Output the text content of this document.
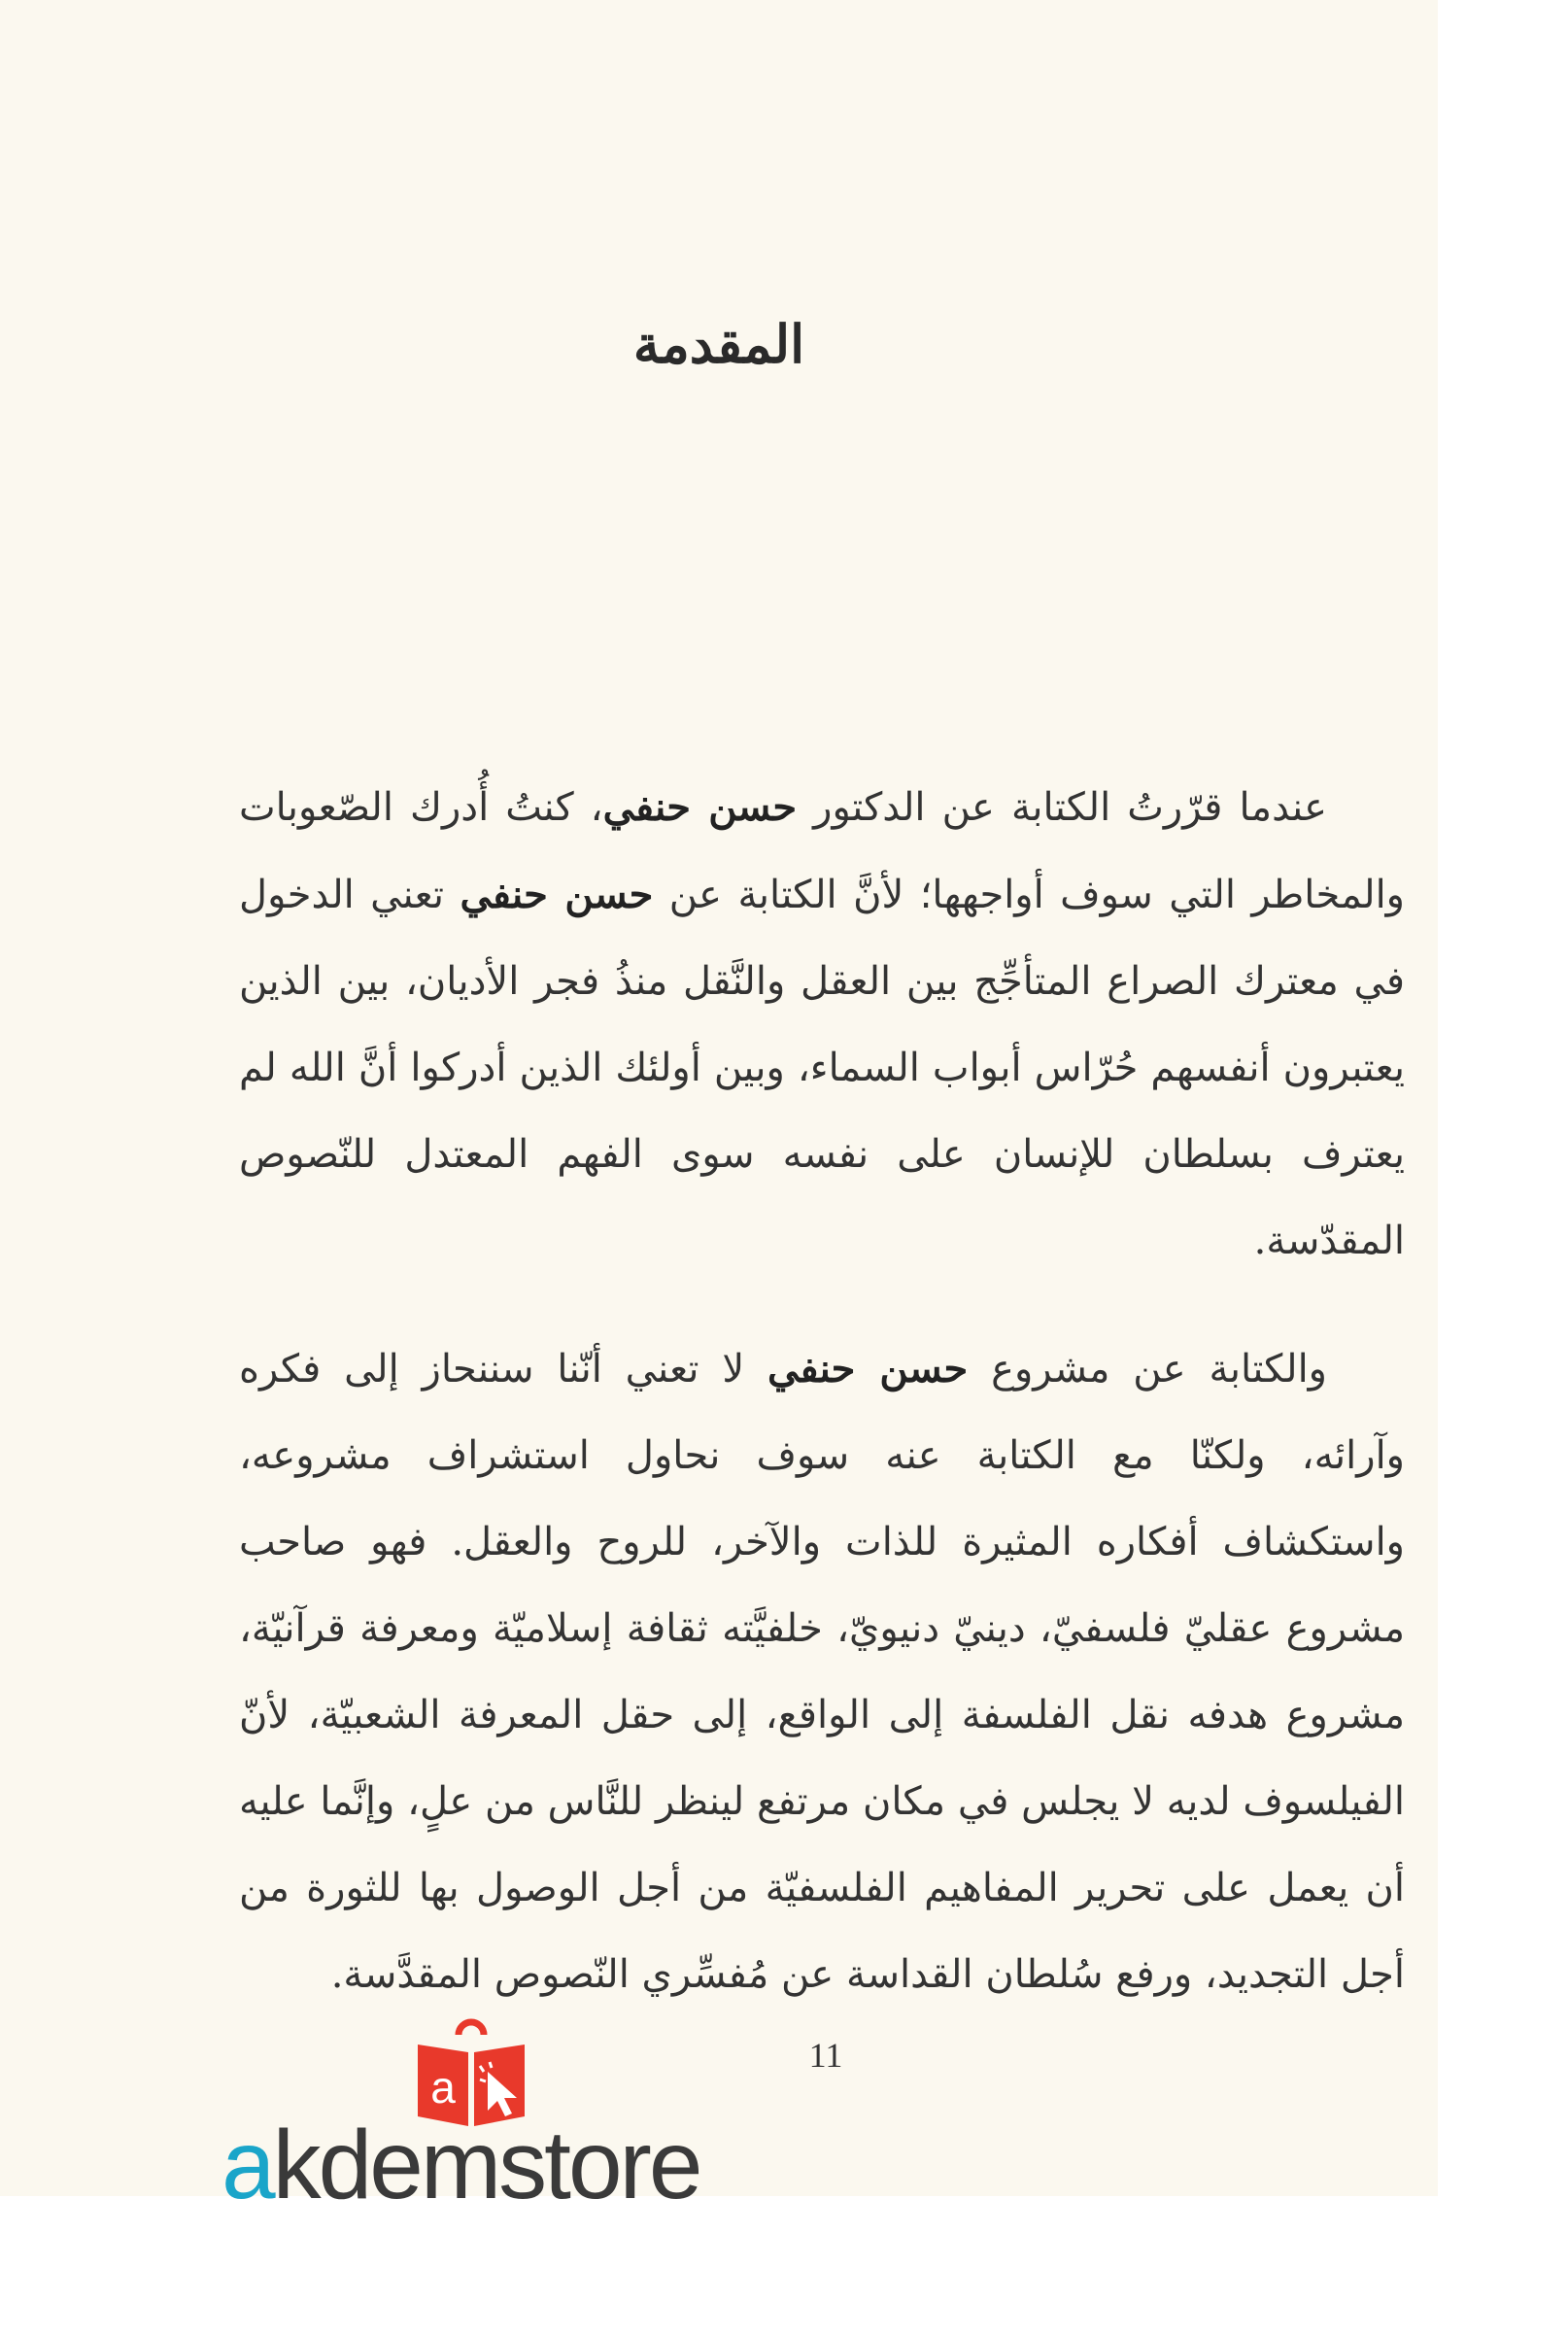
المقدمة

عندما قرّرتُ الكتابة عن الدكتور حسن حنفي، كنتُ أُدرك الصّعوبات والمخاطر التي سوف أواجهها؛ لأنَّ الكتابة عن حسن حنفي تعني الدخول في معترك الصراع المتأجِّج بين العقل والنَّقل منذُ فجر الأديان، بين الذين يعتبرون أنفسهم حُرّاس أبواب السماء، وبين أولئك الذين أدركوا أنَّ الله لم يعترف بسلطان للإنسان على نفسه سوى الفهم المعتدل للنّصوص المقدّسة.

والكتابة عن مشروع حسن حنفي لا تعني أنّنا سننحاز إلى فكره وآرائه، ولكنّا مع الكتابة عنه سوف نحاول استشراف مشروعه، واستكشاف أفكاره المثيرة للذات والآخر، للروح والعقل. فهو صاحب مشروع عقليّ فلسفيّ، دينيّ دنيويّ، خلفيَّته ثقافة إسلاميّة ومعرفة قرآنيّة، مشروع هدفه نقل الفلسفة إلى الواقع، إلى حقل المعرفة الشعبيّة، لأنّ الفيلسوف لديه لا يجلس في مكان مرتفع لينظر للنَّاس من علٍ، وإنَّما عليه أن يعمل على تحرير المفاهيم الفلسفيّة من أجل الوصول بها للثورة من أجل التجديد، ورفع سُلطان القداسة عن مُفسِّري النّصوص المقدَّسة.

11
a
akdemstore
